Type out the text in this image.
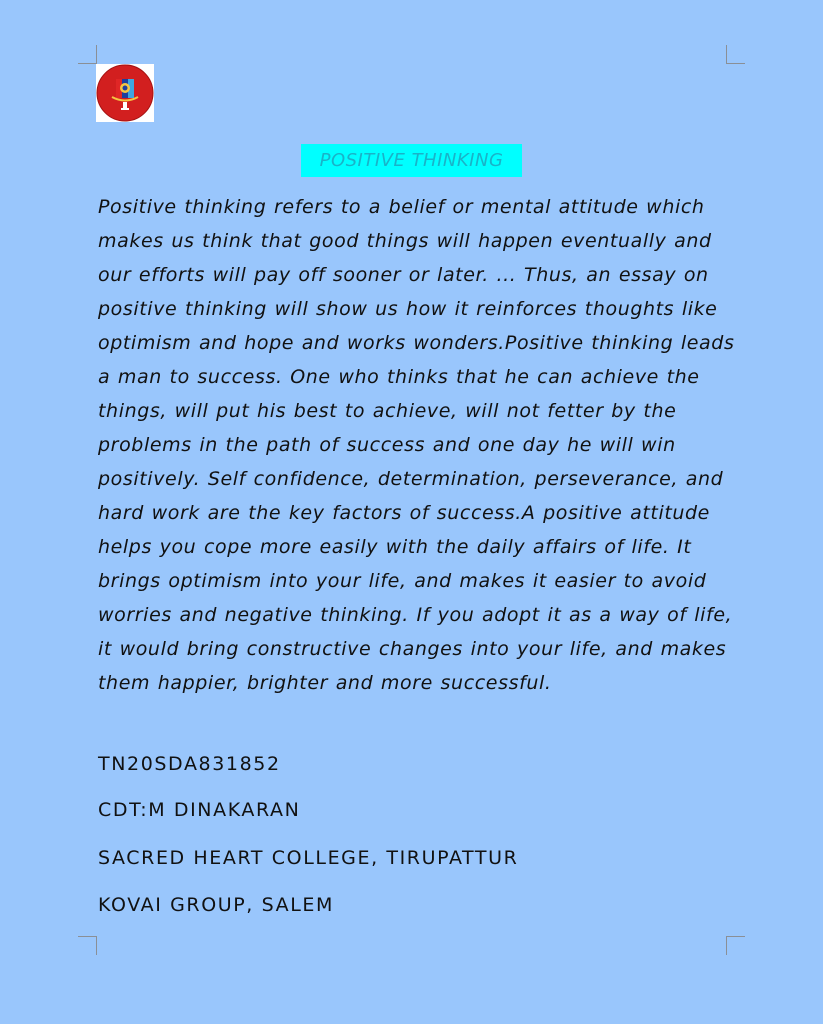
POSITIVE THINKING

Positive thinking refers to a belief or mental attitude which makes us think that good things will happen eventually and our efforts will pay off sooner or later. ... Thus, an essay on positive thinking will show us how it reinforces thoughts like optimism and hope and works wonders.Positive thinking leads a man to success. One who thinks that he can achieve the things, will put his best to achieve, will not fetter by the problems in the path of success and one day he will win positively. Self confidence, determination, perseverance, and hard work are the key factors of success.A positive attitude helps you cope more easily with the daily affairs of life. It brings optimism into your life, and makes it easier to avoid worries and negative thinking. If you adopt it as a way of life, it would bring constructive changes into your life, and makes them happier, brighter and more successful.

TN20SDA831852

CDT:M DINAKARAN

SACRED HEART COLLEGE, TIRUPATTUR

KOVAI GROUP, SALEM
